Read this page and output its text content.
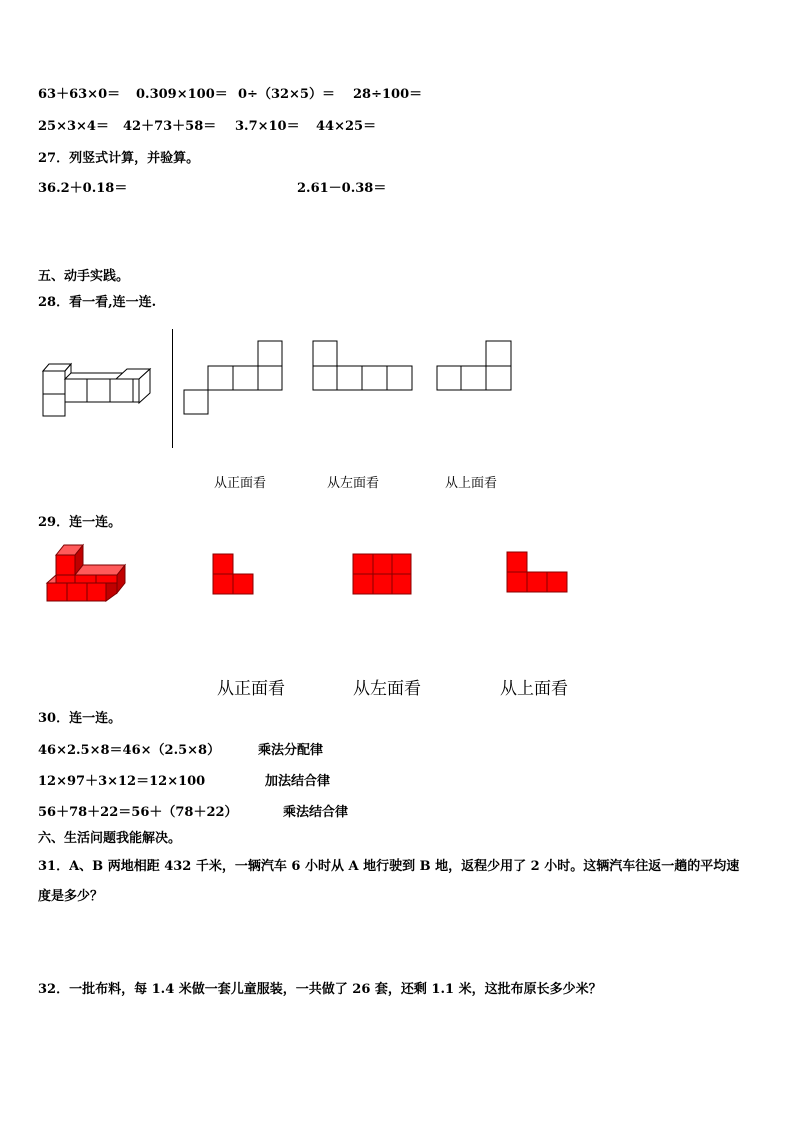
63＋63×0＝ 0.309×100＝ 0÷（32×5）＝ 28÷100＝
25×3×4＝ 42＋73＋58＝ 3.7×10＝ 44×25＝
27．列竖式计算，并验算。
36.2＋0.18＝	2.61－0.38＝
五、动手实践。
28．看一看,连一连.
从正面看	从左面看	从上面看
29．连一连。
从正面看	从左面看	从上面看
30．连一连。
46×2.5×8＝46×（2.5×8）	乘法分配律
12×97＋3×12＝12×100	加法结合律
56＋78＋22＝56＋（78＋22）	乘法结合律
六、生活问题我能解决。
31．A、B 两地相距 432 千米，一辆汽车 6 小时从 A 地行驶到 B 地，返程少用了 2 小时。这辆汽车往返一趟的平均速
度是多少？
32．一批布料，每 1.4 米做一套儿童服装，一共做了 26 套，还剩 1.1 米，这批布原长多少米？
